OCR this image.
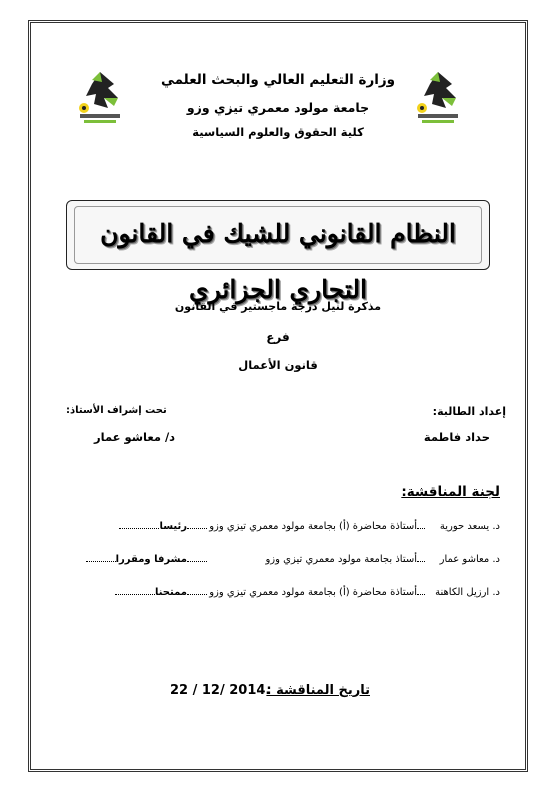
وزارة التعليم العالي والبحث العلمي
جامعة مولود معمري تيزي وزو
كلية الحقوق والعلوم السياسية
النظام القانوني للشيك في القانون التجاري الجزائري
مذكرة لنيل درجة ماجستير في القانون
فرع
قانون الأعمال
إعداد الطالبة:
حداد فاطمة
تحت إشراف الأستاذ:
د/ معاشو عمار
لجنة المناقشة:
د. يسعد حوريةأستاذة محاضرة (أ) بجامعة مولود معمري تيزي وزورئيسا
د. معاشو عمارأستاذ بجامعة مولود معمري تيزي وزومشرفا ومقررا
د. ارزيل الكاهنةأستاذة محاضرة (أ) بجامعة مولود معمري تيزي وزوممتحنا
تاريخ المناقشة :
22 / 12/ 2014.
